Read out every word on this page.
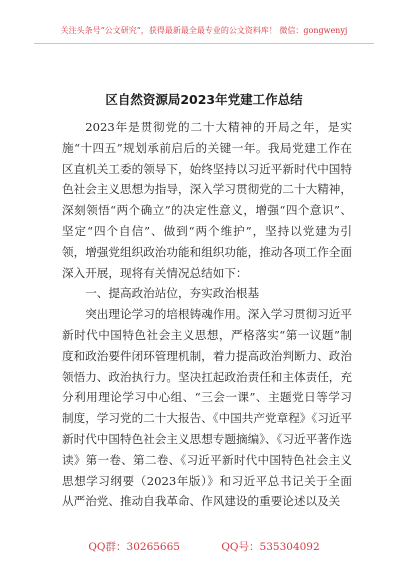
关注头条号“公文研究”，获得最新最全最专业的公文资料库！ 微信：gongwenyj
区自然资源局2023年党建工作总结

2023年是贯彻党的二十大精神的开局之年，是实施“十四五”规划承前启后的关键一年。我局党建工作在区直机关工委的领导下，始终坚持以习近平新时代中国特色社会主义思想为指导，深入学习贯彻党的二十大精神，深刻领悟“两个确立”的决定性意义，增强“四个意识”、坚定“四个自信”、做到“两个维护”，坚持以党建为引领，增强党组织政治功能和组织功能，推动各项工作全面深入开展，现将有关情况总结如下：

一、提高政治站位，夯实政治根基

突出理论学习的培根铸魂作用。深入学习贯彻习近平新时代中国特色社会主义思想，严格落实“第一议题”制度和政治要件闭环管理机制，着力提高政治判断力、政治领悟力、政治执行力。坚决扛起政治责任和主体责任，充分利用理论学习中心组、“三会一课”、主题党日等学习制度，学习党的二十大报告、《中国共产党章程》《习近平新时代中国特色社会主义思想专题摘编》、《习近平著作选读》第一卷、第二卷、《习近平新时代中国特色社会主义思想学习纲要（2023年版）》和习近平总书记关于全面从严治党、推动自我革命、作风建设的重要论述以及关

QQ群：30265665	QQ号：535304092
